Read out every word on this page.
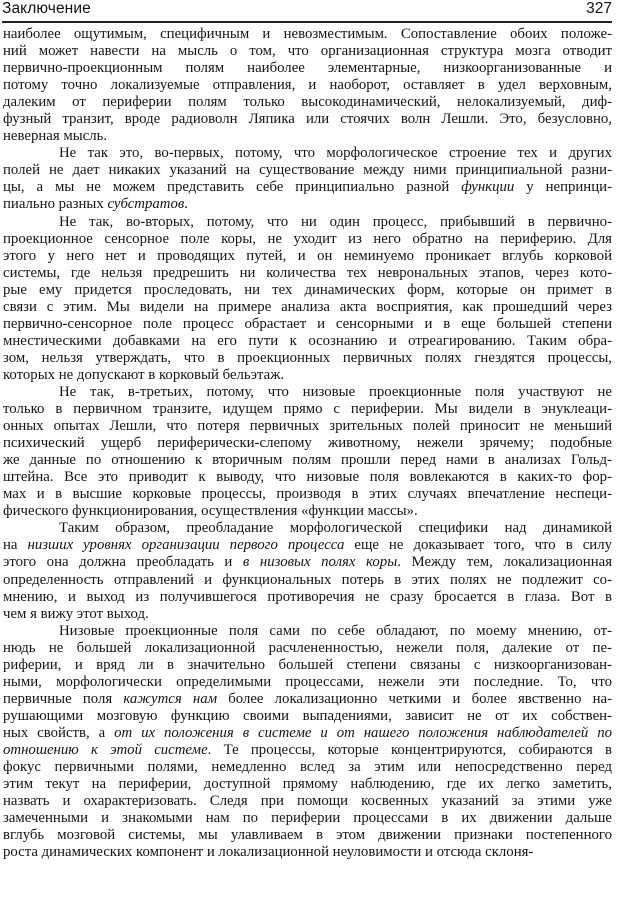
Заключение	327
наиболее ощутимым, специфичным и невозместимым. Сопоставление обоих положе-
ний может навести на мысль о том, что организационная структура мозга отводит
первично-проекционным полям наиболее элементарные, низкоорганизованные и
потому точно локализуемые отправления, и наоборот, оставляет в удел верховным,
далеким от периферии полям только высокодинамический, нелокализуемый, диф-
фузный транзит, вроде радиоволн Ляпика или стоячих волн Лешли. Это, безусловно,
неверная мысль.
Не так это, во-первых, потому, что морфологическое строение тех и других
полей не дает никаких указаний на существование между ними принципиальной разни-
цы, а мы не можем представить себе принципиально разной функции у непринци-
пиально разных субстратов.
Не так, во-вторых, потому, что ни один процесс, прибывший в первично-
проекционное сенсорное поле коры, не уходит из него обратно на периферию. Для
этого у него нет и проводящих путей, и он неминуемо проникает вглубь корковой
системы, где нельзя предрешить ни количества тех неврональных этапов, через кото-
рые ему придется проследовать, ни тех динамических форм, которые он примет в
связи с этим. Мы видели на примере анализа акта восприятия, как прошедший через
первично-сенсорное поле процесс обрастает и сенсорными и в еще большей степени
мнестическими добавками на его пути к осознанию и отреагированию. Таким обра-
зом, нельзя утверждать, что в проекционных первичных полях гнездятся процессы,
которых не допускают в корковый бельэтаж.
Не так, в-третьих, потому, что низовые проекционные поля участвуют не
только в первичном транзите, идущем прямо с периферии. Мы видели в энуклеаци-
онных опытах Лешли, что потеря первичных зрительных полей приносит не меньший
психический ущерб периферически-слепому животному, нежели зрячему; подобные
же данные по отношению к вторичным полям прошли перед нами в анализах Гольд-
штейна. Все это приводит к выводу, что низовые поля вовлекаются в каких-то фор-
мах и в высшие корковые процессы, производя в этих случаях впечатление неспеци-
фического функционирования, осуществления «функции массы».
Таким образом, преобладание морфологической специфики над динамикой
на низших уровнях организации первого процесса еще не доказывает того, что в силу
этого она должна преобладать и в низовых полях коры. Между тем, локализационная
определенность отправлений и функциональных потерь в этих полях не подлежит со-
мнению, и выход из получившегося противоречия не сразу бросается в глаза. Вот в
чем я вижу этот выход.
Низовые проекционные поля сами по себе обладают, по моему мнению, от-
нюдь не большей локализационной расчлененностью, нежели поля, далекие от пе-
риферии, и вряд ли в значительно большей степени связаны с низкоорганизован-
ными, морфологически определимыми процессами, нежели эти последние. То, что
первичные поля кажутся нам более локализационно четкими и более явственно на-
рушающими мозговую функцию своими выпадениями, зависит не от их собствен-
ных свойств, а от их положения в системе и от нашего положения наблюдателей по
отношению к этой системе. Те процессы, которые концентрируются, собираются в
фокус первичными полями, немедленно вслед за этим или непосредственно перед
этим текут на периферии, доступной прямому наблюдению, где их легко заметить,
назвать и охарактеризовать. Следя при помощи косвенных указаний за этими уже
замеченными и знакомыми нам по периферии процессами в их движении дальше
вглубь мозговой системы, мы улавливаем в этом движении признаки постепенного
роста динамических компонент и локализационной неуловимости и отсюда склоня-
